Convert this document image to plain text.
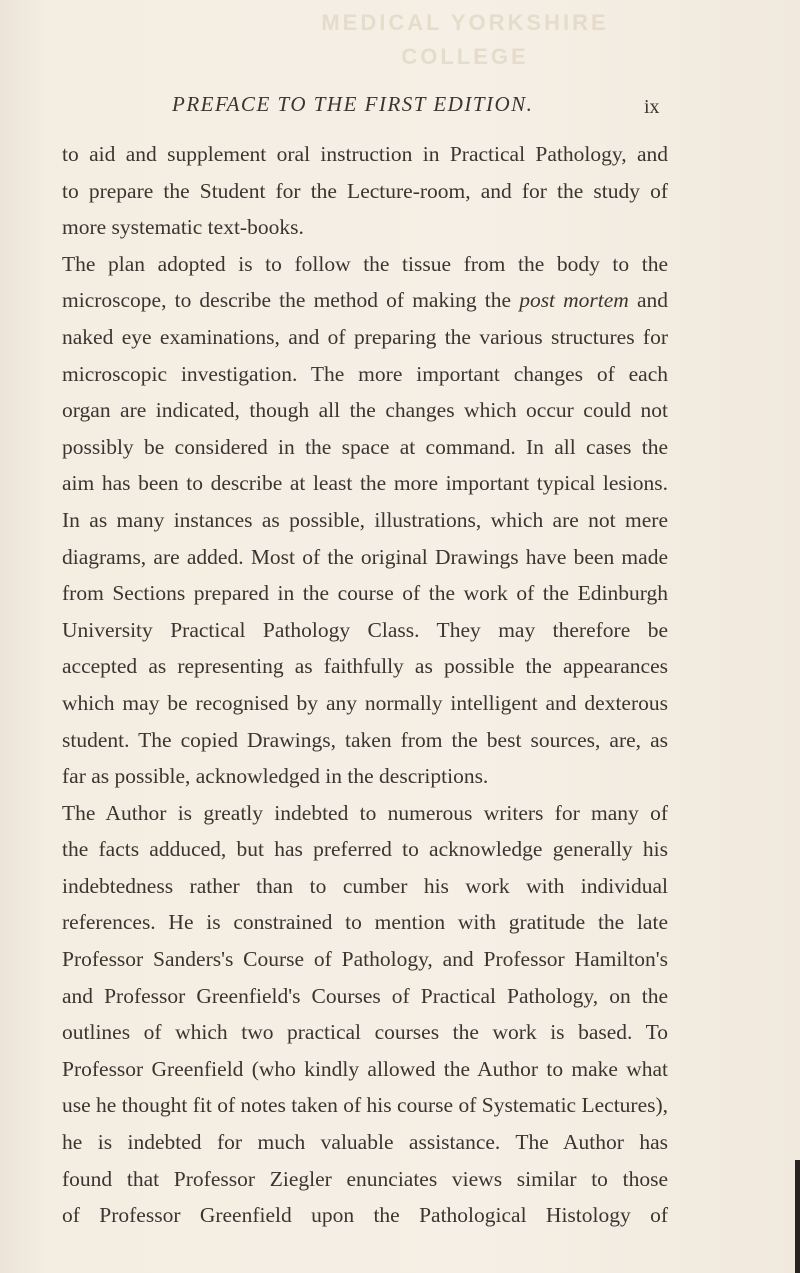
MEDICAL YORKSHIRE COLLEGE
PREFACE TO THE FIRST EDITION.	ix
to aid and supplement oral instruction in Practical Pathology, and
to prepare the Student for the Lecture-room, and for the study of
more systematic text-books.
The plan adopted is to follow the tissue from the body to the
microscope, to describe the method of making the post mortem and
naked eye examinations, and of preparing the various structures for
microscopic investigation. The more important changes of each
organ are indicated, though all the changes which occur could not
possibly be considered in the space at command. In all cases the
aim has been to describe at least the more important typical lesions.
In as many instances as possible, illustrations, which are not mere
diagrams, are added. Most of the original Drawings have been made
from Sections prepared in the course of the work of the Edinburgh
University Practical Pathology Class. They may therefore be
accepted as representing as faithfully as possible the appearances
which may be recognised by any normally intelligent and dexterous
student. The copied Drawings, taken from the best sources, are, as
far as possible, acknowledged in the descriptions.
The Author is greatly indebted to numerous writers for many of
the facts adduced, but has preferred to acknowledge generally his
indebtedness rather than to cumber his work with individual
references. He is constrained to mention with gratitude the late
Professor Sanders's Course of Pathology, and Professor Hamilton's
and Professor Greenfield's Courses of Practical Pathology, on the
outlines of which two practical courses the work is based. To
Professor Greenfield (who kindly allowed the Author to make what
use he thought fit of notes taken of his course of Systematic Lectures),
he is indebted for much valuable assistance. The Author has
found that Professor Ziegler enunciates views similar to those
of Professor Greenfield upon the Pathological Histology of
